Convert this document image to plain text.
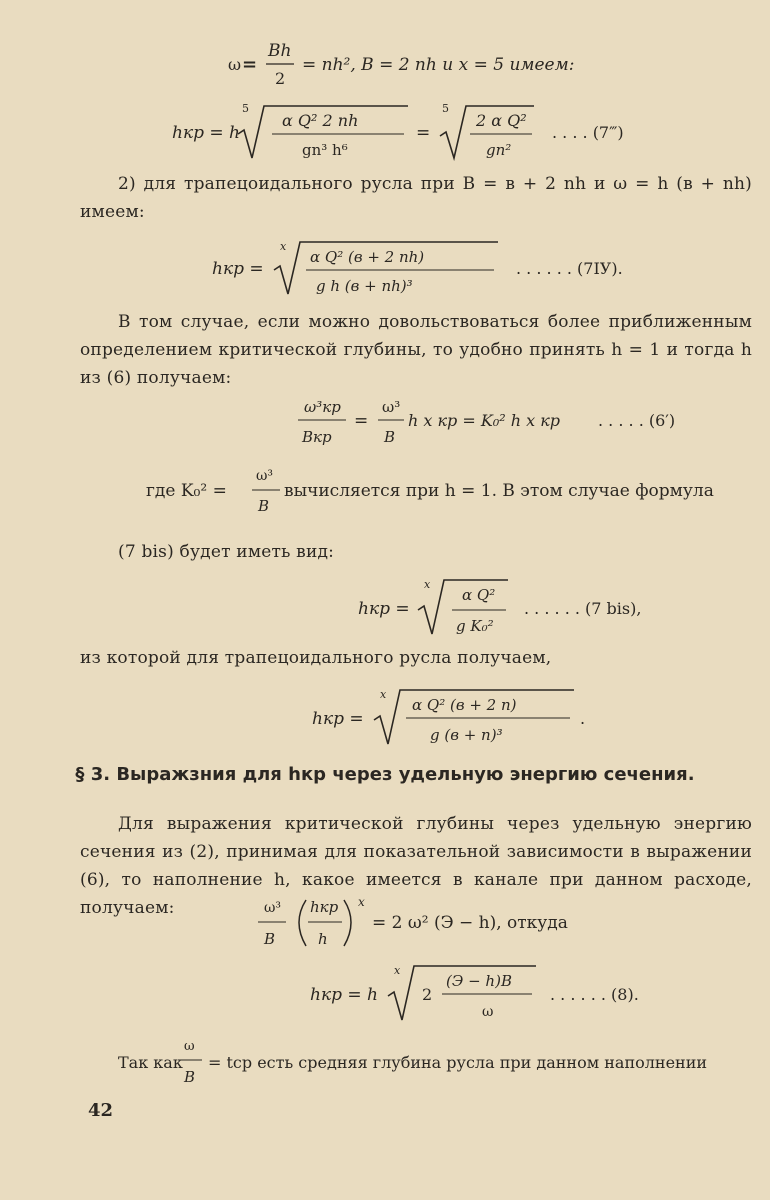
ω =
Bh
2
= nh², B = 2 nh и x = 5 имеем:
hкр = h
5
α Q² 2 nh
gn³ h⁶
=
5
2 α Q²
gn²
. . . . (7‴)
2) для трапецоидального русла при B = в + 2 nh и ω = h (в + nh) имеем:
hкр =
x
α Q² (в + 2 nh)
g h (в + nh)³
. . . . . . (7IУ).
В том случае, если можно довольствоваться более приближенным определением критической глубины, то удобно принять h = 1 и тогда h из (6) получаем:
ω³кр
Bкр
=
ω³
B
h x кр = K₀² h x кр . . . . . (6′)
где K₀² =
ω³
B
вычисляется при h = 1. В этом случае формула
(7 bis) будет иметь вид:
hкр =
x
α Q²
g K₀²
. . . . . . (7 bis),
из которой для трапецоидального русла получаем,
hкр =
x
α Q² (в + 2 n)
g (в + n)³
.
§ 3. Выражзния для hкр через удельную энергию сечения.
Для выражения критической глубины через удельную энергию сечения из (2), принимая для показательной зависимости в выражении (6), то наполнение h, какое имеется в канале при данном расходе, получаем:	ω³
B
hкр
h
x
= 2 ω² (Э − h), откуда
hкр = h
x
2
(Э − h)B
ω
. . . . . . (8).
Так как
ω
B
= tср есть средняя глубина русла при данном наполнении
42
